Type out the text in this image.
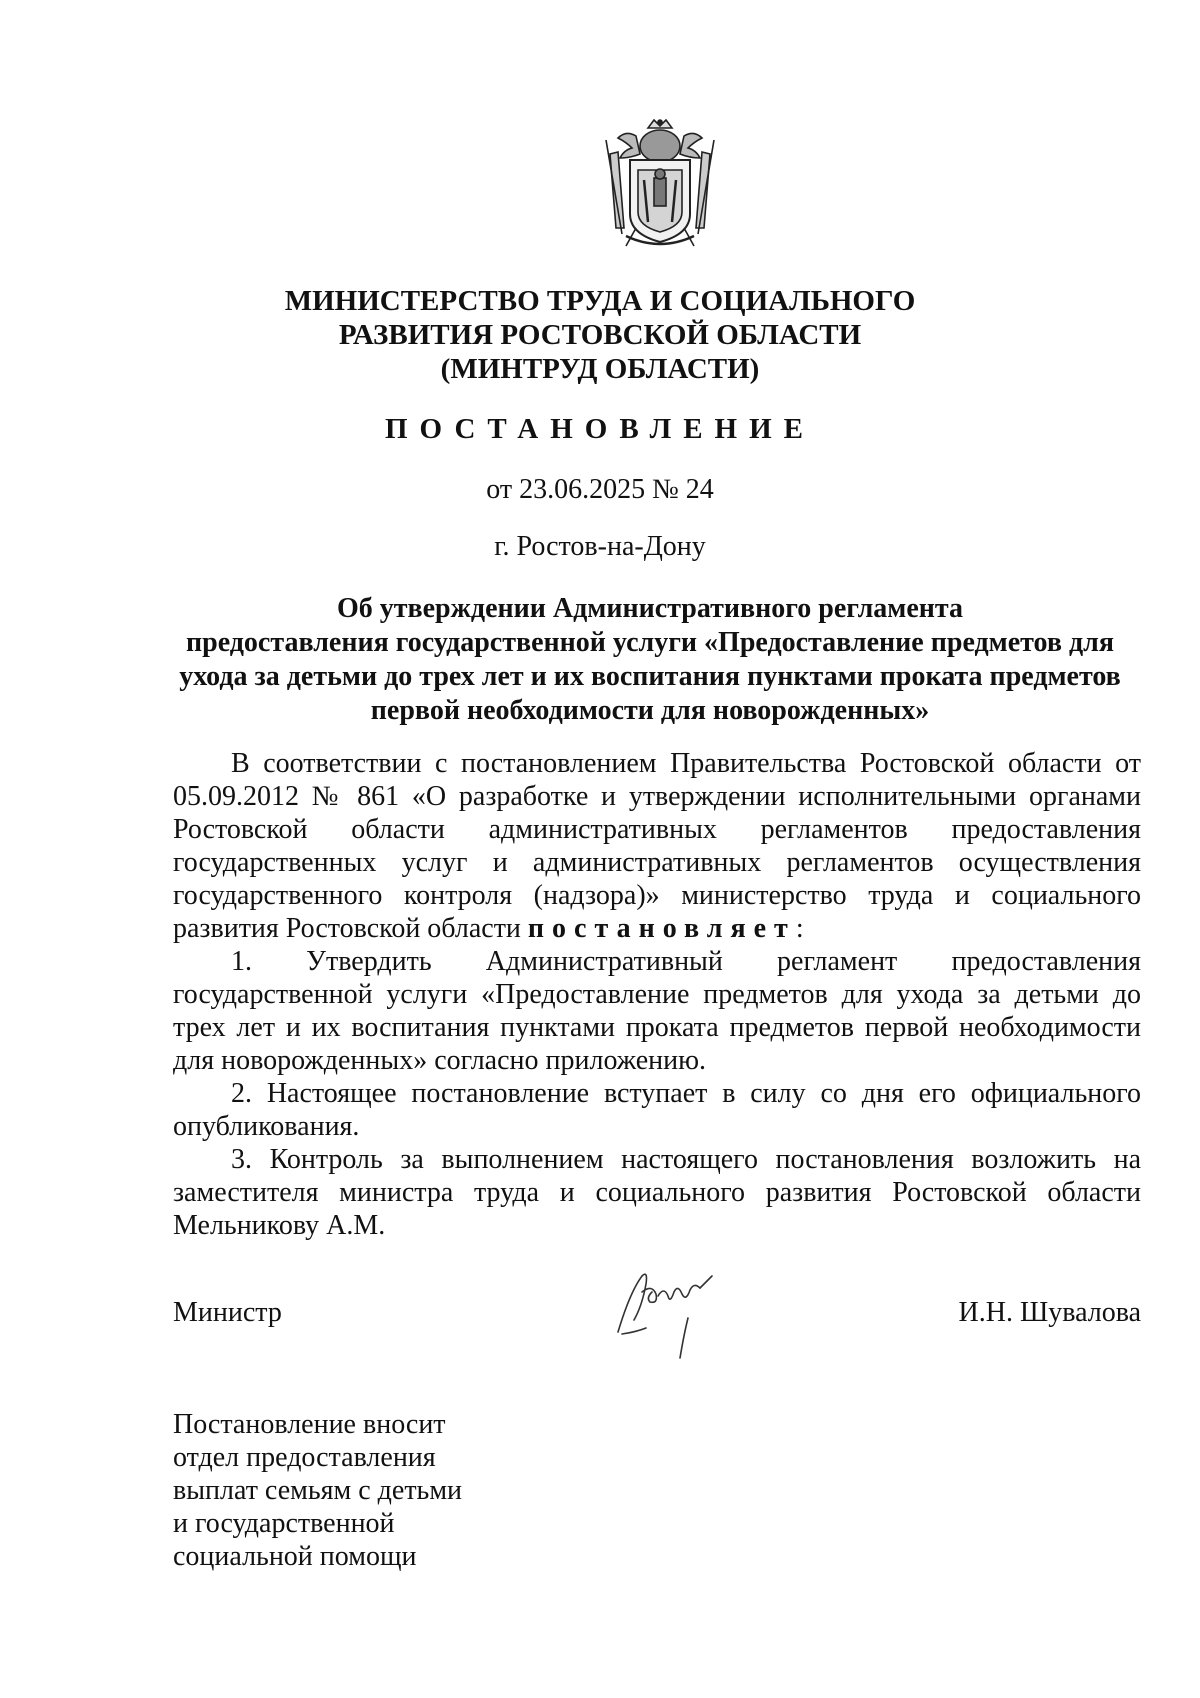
МИНИСТЕРСТВО ТРУДА И СОЦИАЛЬНОГО
РАЗВИТИЯ РОСТОВСКОЙ ОБЛАСТИ
(МИНТРУД ОБЛАСТИ)
ПОСТАНОВЛЕНИЕ
от 23.06.2025 № 24
г. Ростов-на-Дону
Об утверждении Административного регламента
предоставления государственной услуги «Предоставление предметов для
ухода за детьми до трех лет и их воспитания пунктами проката предметов
первой необходимости для новорожденных»

В соответствии с постановлением Правительства Ростовской области от 05.09.2012 № 861 «О разработке и утверждении исполнительными органами Ростовской области административных регламентов предоставления государственных услуг и административных регламентов осуществления государственного контроля (надзора)» министерство труда и социального развития Ростовской области постановляет:

1. Утвердить Административный регламент предоставления государственной услуги «Предоставление предметов для ухода за детьми до трех лет и их воспитания пунктами проката предметов первой необходимости для новорожденных» согласно приложению.

2. Настоящее постановление вступает в силу со дня его официального опубликования.

3. Контроль за выполнением настоящего постановления возложить на заместителя министра труда и социального развития Ростовской области Мельникову А.М.

Министр	И.Н. Шувалова
Постановление вносит
отдел предоставления
выплат семьям с детьми
и государственной
социальной помощи
